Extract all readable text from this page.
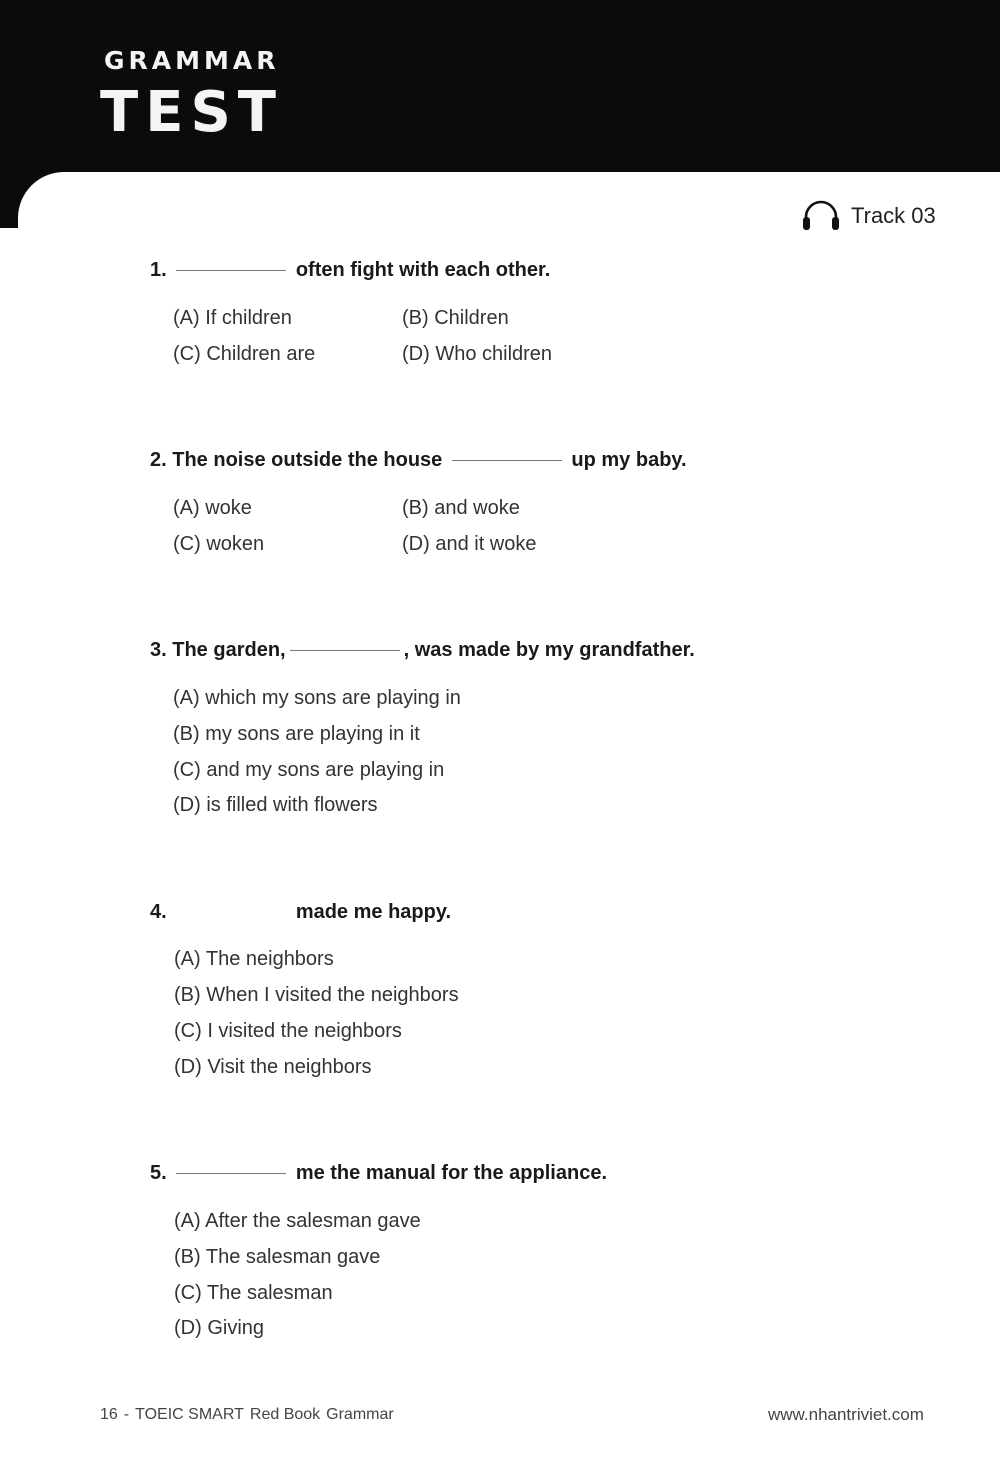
GRAMMAR
TEST
Track 03
1.	often fight with each other.
(A) If children	(B) Children
(C) Children are	(D) Who children
2. The noise outside the house	up my baby.
(A) woke	(B) and woke
(C) woken	(D) and it woke
3. The garden,	, was made by my grandfather.
(A) which my sons are playing in
(B) my sons are playing in it
(C) and my sons are playing in
(D) is filled with flowers
4.	made me happy.
(A) The neighbors
(B) When I visited the neighbors
(C) I visited the neighbors
(D) Visit the neighbors
5.	me the manual for the appliance.
(A) After the salesman gave
(B) The salesman gave
(C) The salesman
(D) Giving
16 - TOEIC SMART Red Book Grammar	www.nhantriviet.com
